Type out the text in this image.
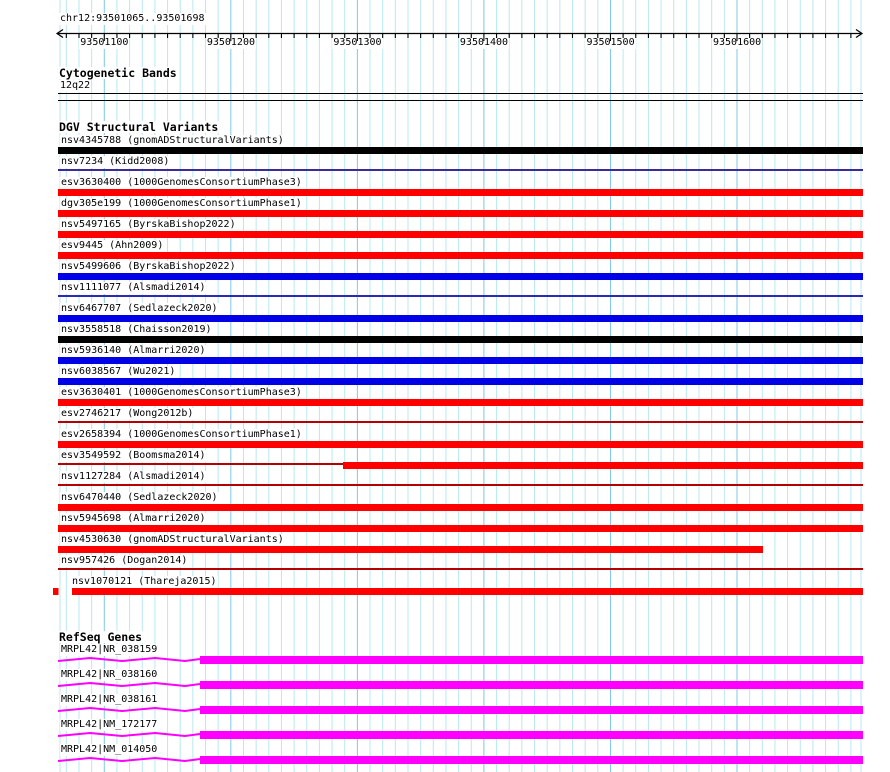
chr12:93501065..93501698
Cytogenetic Bands
12q22
DGV Structural Variants
RefSeq Genes
93501100	93501200	93501300	93501400	93501500	93501600
nsv4345788 (gnomADStructuralVariants)
nsv7234 (Kidd2008)
esv3630400 (1000GenomesConsortiumPhase3)
dgv305e199 (1000GenomesConsortiumPhase1)
nsv5497165 (ByrskaBishop2022)
esv9445 (Ahn2009)
nsv5499606 (ByrskaBishop2022)
nsv1111077 (Alsmadi2014)
nsv6467707 (Sedlazeck2020)
nsv3558518 (Chaisson2019)
nsv5936140 (Almarri2020)
nsv6038567 (Wu2021)
esv3630401 (1000GenomesConsortiumPhase3)
esv2746217 (Wong2012b)
esv2658394 (1000GenomesConsortiumPhase1)
esv3549592 (Boomsma2014)
nsv1127284 (Alsmadi2014)
nsv6470440 (Sedlazeck2020)
nsv5945698 (Almarri2020)
nsv4530630 (gnomADStructuralVariants)
nsv957426 (Dogan2014)
nsv1070121 (Thareja2015)
MRPL42|NR_038159
MRPL42|NR_038160
MRPL42|NR_038161
MRPL42|NM_172177
MRPL42|NM_014050
